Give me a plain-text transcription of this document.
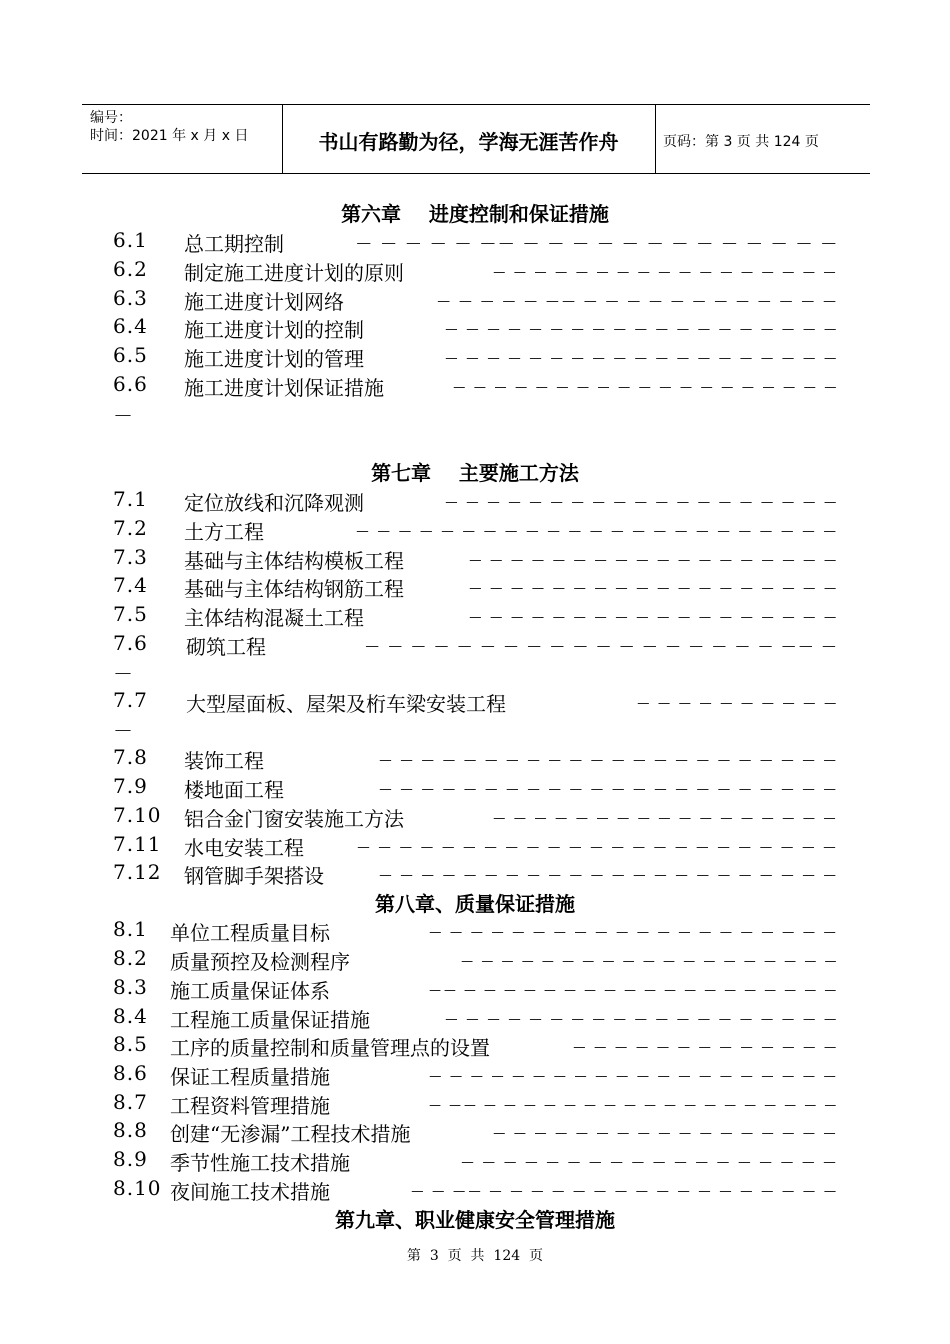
编号：
时间：2021 年 x 月 x 日	书山有路勤为径，学海无涯苦作舟	页码：第 3 页 共 124 页
第六章    进度控制和保证措施
6.1 总工期控制	－ － － － － －－ － － － － － － － － － － － － －
6.2 制定施工进度计划的原则	－ － － － － － － － － － － － － － － － －
6.3 施工进度计划网络	－ － － － － －－ － － － － － － － － － － － －
6.4 施工进度计划的控制	－ － － － － － － － － － － － － － － － － － －
6.5 施工进度计划的管理	－ － － － － － － － － － － － － － － － － － －
6.6 施工进度计划保证措施	－ － － － － － － － － － － － － － － － － － －
－
第七章    主要施工方法
7.1 定位放线和沉降观测	－ － － － － － － － － － － － － － － － － － －
7.2 土方工程	－ － － － － － － － － － － － － － － － － － － － － － －
7.3 基础与主体结构模板工程	－ － － － － － － － － － － － － － － － － －
7.4 基础与主体结构钢筋工程	－ － － － － － － － － － － － － － － － － －
7.5 主体结构混凝土工程	－ － － － － － － － － － － － － － － － － －
7.6 砌筑工程	－ － － － － － － － － － － － － － － － － － －－ －
－
7.7 大型屋面板、屋架及桁车梁安装工程	－ － － － － － － － － －
－
7.8 装饰工程	－ － － － － － － － － － － － － － － － － － － － － －
7.9 楼地面工程	－ － － － － － － － － － － － － － － － － － － － － －
7.10 铝合金门窗安装施工方法	－ － － － － － － － － － － － － － － － －
7.11 水电安装工程	－ － － － － － － － － － － － － － － － － － － － － － －
7.12 钢管脚手架搭设	－ － － － － － － － － － － － － － － － － － － － － －
第八章、质量保证措施
8.1 单位工程质量目标	－ － － － － － － － － － － － － － － － － － － －
8.2 质量预控及检测程序	－ － － － － － － － － － － － － － － － － － －
8.3 施工质量保证体系	－－ － － － － － － － － － － － － － － － － － － －
8.4 工程施工质量保证措施	－ － － － － － － － － － － － － － － － － － －
8.5 工序的质量控制和质量管理点的设置	－ － － － － － － － － － － － －
8.6 保证工程质量措施	－ － － － － － － － － － － － － － － － － － － －
8.7 工程资料管理措施	－ －－ － － － － － － － － － － － － － － － － － －
8.8 创建“无渗漏”工程技术措施	－ － － － － － － － － － － － － － － － －
8.9 季节性施工技术措施	－ － － － － － － － － － － － － － － － － －
8.10 夜间施工技术措施	－ － －－ － － － － － － － － － － － － － － － － －
第九章、职业健康安全管理措施
第  3  页  共  124  页
